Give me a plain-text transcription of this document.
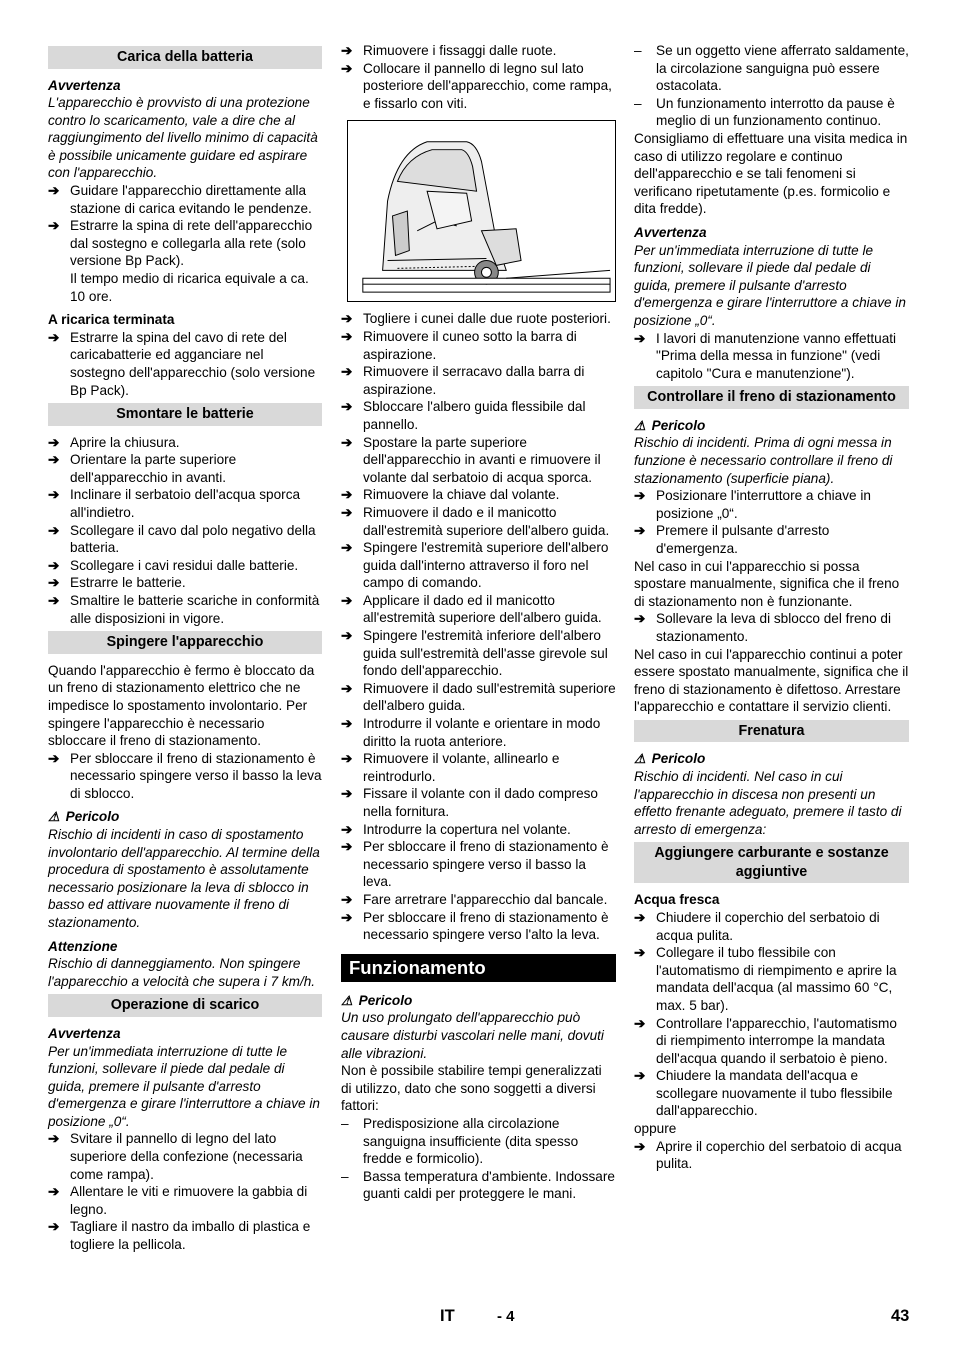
Carica della batteria

Avvertenza

L'apparecchio è provvisto di una protezione contro lo scaricamento, vale a dire che al raggiungimento del livello minimo di capacità è possibile unicamente guidare ed aspirare con l'apparecchio.

➔ Guidare l'apparecchio direttamente alla stazione di carica evitando le pendenze.
➔ Estrarre la spina di rete dell'apparecchio dal sostegno e collegarla alla rete (solo versione Bp Pack).

Il tempo medio di ricarica equivale a ca. 10 ore.

A ricarica terminata

➔ Estrarre la spina del cavo di rete del caricabatterie ed agganciare nel sostegno dell'apparecchio (solo versione Bp Pack).
Smontare le batterie
➔ Aprire la chiusura.
➔ Orientare la parte superiore dell'apparecchio in avanti.
➔ Inclinare il serbatoio dell'acqua sporca all'indietro.
➔ Scollegare il cavo dal polo negativo della batteria.
➔ Scollegare i cavi residui dalle batterie.
➔ Estrarre le batterie.
➔ Smaltire le batterie scariche in conformità alle disposizioni in vigore.
Spingere l'apparecchio

Quando l'apparecchio è fermo è bloccato da un freno di stazionamento elettrico che ne impedisce lo spostamento involontario. Per spingere l'apparecchio è necessario sbloccare il freno di stazionamento.

➔ Per sbloccare il freno di stazionamento è necessario spingere verso il basso la leva di sblocco.

⚠ Pericolo

Rischio di incidenti in caso di spostamento involontario dell'apparecchio. Al termine della procedura di spostamento è assolutamente necessario posizionare la leva di sblocco in basso ed attivare nuovamente il freno di stazionamento.

Attenzione

Rischio di danneggiamento. Non spingere l'apparecchio a velocità che supera i 7 km/h.

Operazione di scarico

Avvertenza

Per un'immediata interruzione di tutte le funzioni, sollevare il piede dal pedale di guida, premere il pulsante d'arresto d'emergenza e girare l'interruttore a chiave in posizione „0“.

➔ Svitare il pannello di legno del lato superiore della confezione (necessaria come rampa).
➔ Allentare le viti e rimuovere la gabbia di legno.
➔ Tagliare il nastro da imballo di plastica e togliere la pellicola.
➔ Rimuovere i fissaggi dalle ruote.
➔ Collocare il pannello di legno sul lato posteriore dell'apparecchio, come rampa, e fissarlo con viti.
➔ Togliere i cunei dalle due ruote posteriori.
➔ Rimuovere il cuneo sotto la barra di aspirazione.
➔ Rimuovere il serracavo dalla barra di aspirazione.
➔ Sbloccare l'albero guida flessibile dal pannello.
➔ Spostare la parte superiore dell'apparecchio in avanti e rimuovere il volante dal serbatoio di acqua sporca.
➔ Rimuovere la chiave dal volante.
➔ Rimuovere il dado e il manicotto dall'estremità superiore dell'albero guida.
➔ Spingere l'estremità superiore dell'albero guida dall'interno attraverso il foro nel campo di comando.
➔ Applicare il dado ed il manicotto all'estremità superiore dell'albero guida.
➔ Spingere l'estremità inferiore dell'albero guida sull'estremità dell'asse girevole sul fondo dell'apparecchio.
➔ Rimuovere il dado sull'estremità superiore dell'albero guida.
➔ Introdurre il volante e orientare in modo diritto la ruota anteriore.
➔ Rimuovere il volante, allinearlo e reintrodurlo.
➔ Fissare il volante con il dado compreso nella fornitura.
➔ Introdurre la copertura nel volante.
➔ Per sbloccare il freno di stazionamento è necessario spingere verso il basso la leva.
➔ Fare arretrare l'apparecchio dal bancale.
➔ Per sbloccare il freno di stazionamento è necessario spingere verso l'alto la leva.
Funzionamento

⚠ Pericolo

Un uso prolungato dell'apparecchio può causare disturbi vascolari nelle mani, dovuti alle vibrazioni.

Non è possibile stabilire tempi generalizzati di utilizzo, dato che sono soggetti a diversi fattori:

– Predisposizione alla circolazione sanguigna insufficiente (dita spesso fredde e formicolio).
– Bassa temperatura d'ambiente. Indossare guanti caldi per proteggere le mani.
– Se un oggetto viene afferrato saldamente, la circolazione sanguigna può essere ostacolata.
– Un funzionamento interrotto da pause è meglio di un funzionamento continuo.

Consigliamo di effettuare una visita medica in caso di utilizzo regolare e continuo dell'apparecchio e se tali fenomeni si verificano ripetutamente (p.es. formicolio e dita fredde).

Avvertenza

Per un'immediata interruzione di tutte le funzioni, sollevare il piede dal pedale di guida, premere il pulsante d'arresto d'emergenza e girare l'interruttore a chiave in posizione „0“.

➔ I lavori di manutenzione vanno effettuati "Prima della messa in funzione" (vedi capitolo "Cura e manutenzione").
Controllare il freno di stazionamento

⚠ Pericolo

Rischio di incidenti. Prima di ogni messa in funzione è necessario controllare il freno di stazionamento (superficie piana).

➔ Posizionare l'interruttore a chiave in posizione „0“.
➔ Premere il pulsante d'arresto d'emergenza.

Nel caso in cui l'apparecchio si possa spostare manualmente, significa che il freno di stazionamento non è funzionante.

➔ Sollevare la leva di sblocco del freno di stazionamento.

Nel caso in cui l'apparecchio continui a poter essere spostato manualmente, significa che il freno di stazionamento è difettoso. Arrestare l'apparecchio e contattare il servizio clienti.

Frenatura

⚠ Pericolo

Rischio di incidenti. Nel caso in cui l'apparecchio in discesa non presenti un effetto frenante adeguato, premere il tasto di arresto di emergenza:

Aggiungere carburante e sostanze aggiuntive

Acqua fresca

➔ Chiudere il coperchio del serbatoio di acqua pulita.
➔ Collegare il tubo flessibile con l'automatismo di riempimento e aprire la mandata dell'acqua (al massimo 60 °C, max. 5 bar).
➔ Controllare l'apparecchio, l'automatismo di riempimento interrompe la mandata dell'acqua quando il serbatoio è pieno.
➔ Chiudere la mandata dell'acqua e scollegare nuovamente il tubo flessibile dall'apparecchio.

oppure

➔ Aprire il coperchio del serbatoio di acqua pulita.
IT	- 4	43
